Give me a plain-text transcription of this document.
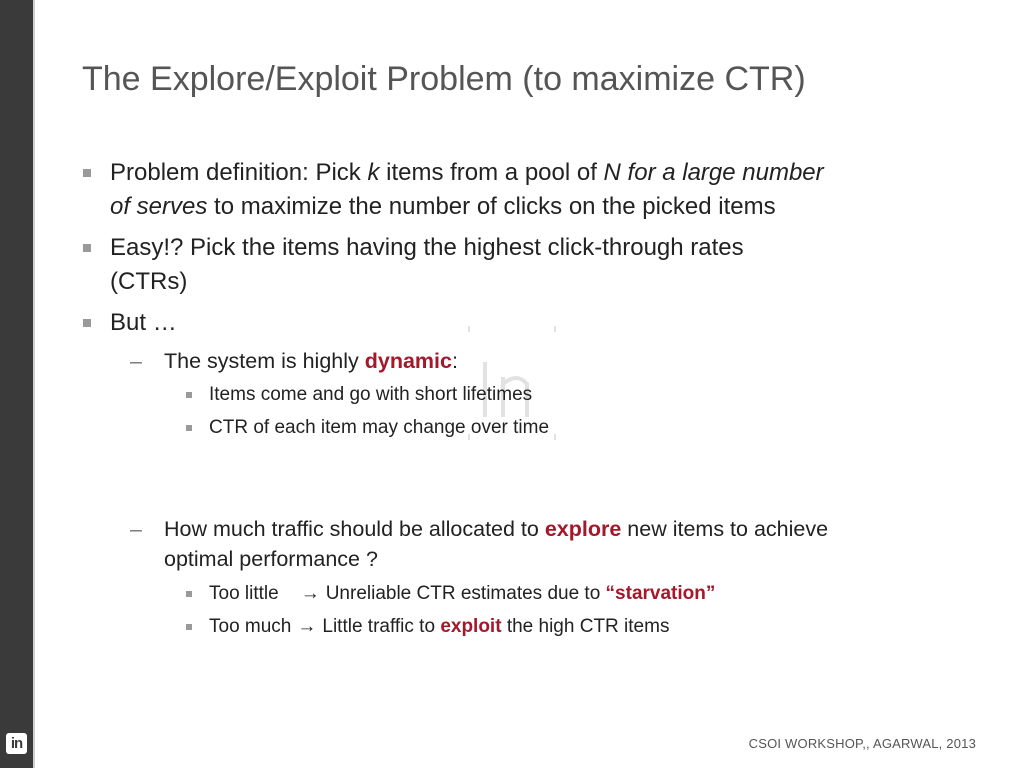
in
The Explore/Exploit Problem (to maximize CTR)
Problem definition: Pick k items from a pool of N for a large number
of serves to maximize the number of clicks on the picked items
Easy!? Pick the items having the highest click-through rates
(CTRs)
But …
– The system is highly dynamic:
Items come and go with short lifetimes
CTR of each item may change over time
– How much traffic should be allocated to explore new items to achieve
optimal performance ?
Too little → Unreliable CTR estimates due to “starvation”
Too much → Little traffic to exploit the high CTR items
CSOI WORKSHOP,, AGARWAL, 2013
